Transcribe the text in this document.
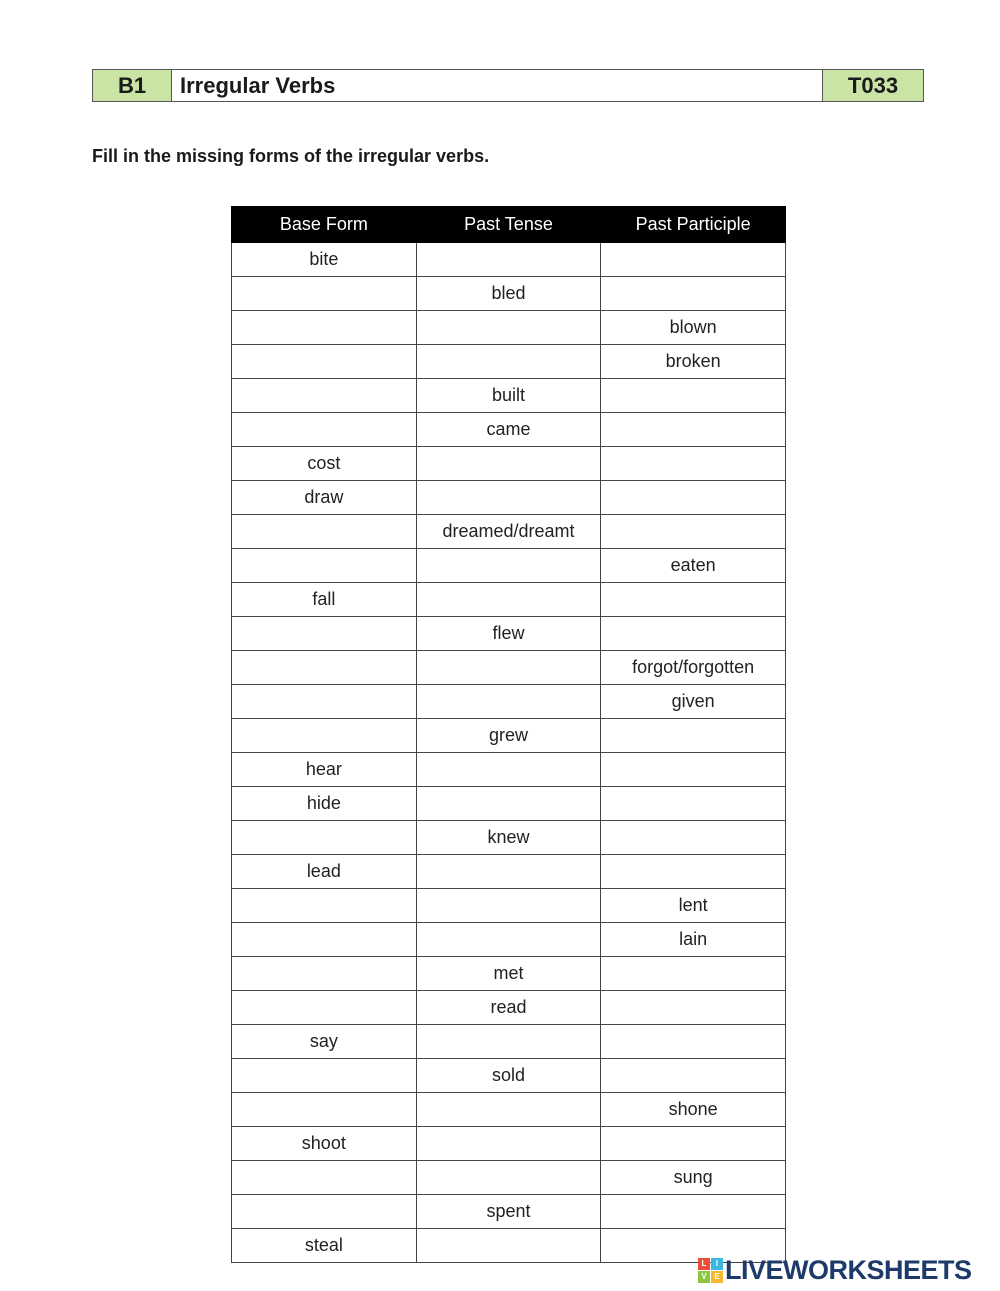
B1	Irregular Verbs	T033
Fill in the missing forms of the irregular verbs.
Base Form	Past Tense	Past Participle
bite		
	bled	
		blown
		broken
	built	
	came	
cost		
draw		
	dreamed/dreamt	
		eaten
fall		
	flew	
		forgot/forgotten
		given
	grew	
hear		
hide		
	knew	
lead		
		lent
		lain
	met	
	read	
say		
	sold	
		shone
shoot		
		sung
	spent	
steal		
L	I
V E LIVEWORKSHEETS
